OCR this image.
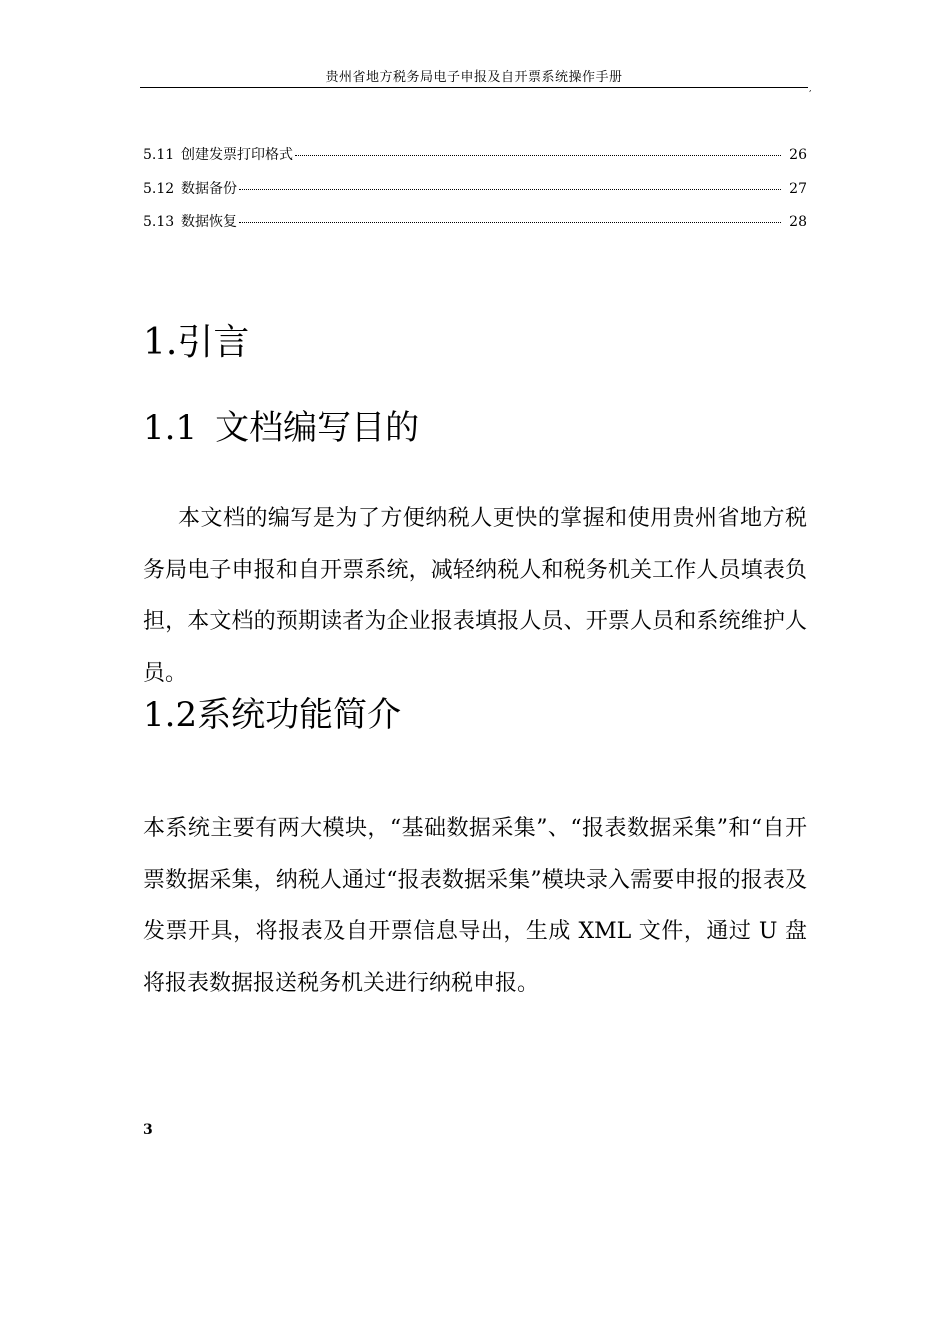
贵州省地方税务局电子申报及自开票系统操作手册
,
5.11 创建发票打印格式	26
5.12 数据备份	27
5.13 数据恢复	28
1.引言
1.1 文档编写目的

本文档的编写是为了方便纳税人更快的掌握和使用贵州省地方税务局电子申报和自开票系统，减轻纳税人和税务机关工作人员填表负担，本文档的预期读者为企业报表填报人员、开票人员和系统维护人员。

1.2系统功能简介

本系统主要有两大模块，“基础数据采集”、“报表数据采集”和“自开票数据采集，纳税人通过“报表数据采集”模块录入需要申报的报表及发票开具，将报表及自开票信息导出，生成 XML 文件，通过 U 盘将报表数据报送税务机关进行纳税申报。

3
